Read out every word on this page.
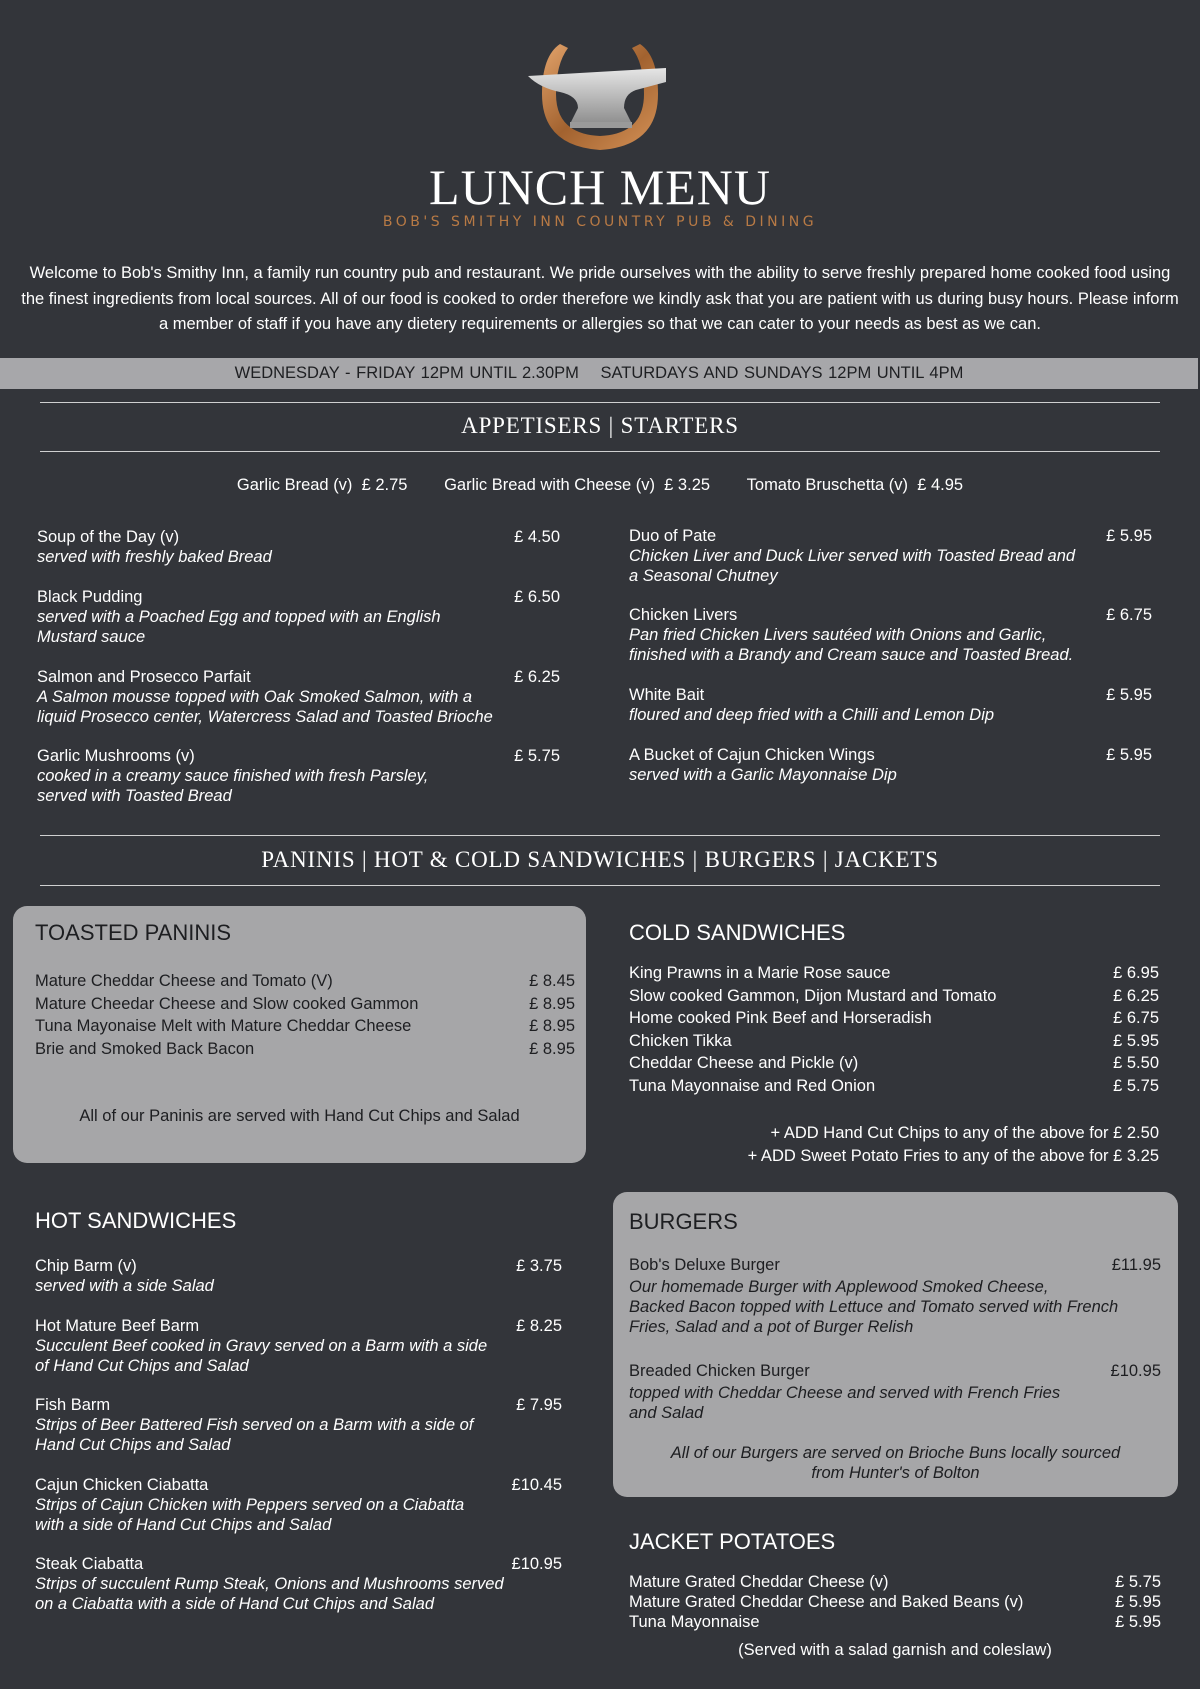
LUNCH MENU
BOB'S SMITHY INN COUNTRY PUB & DINING
Welcome to Bob's Smithy Inn, a family run country pub and restaurant. We pride ourselves with the ability to serve freshly prepared home cooked food using the finest ingredients from local sources. All of our food is cooked to order therefore we kindly ask that you are patient with us during busy hours. Please inform a member of staff if you have any dietery requirements or allergies so that we can cater to your needs as best as we can.
WEDNESDAY - FRIDAY 12PM UNTIL 2.30PM SATURDAYS AND SUNDAYS 12PM UNTIL 4PM
APPETISERS | STARTERS
Garlic Bread (v) £ 2.75 Garlic Bread with Cheese (v) £ 3.25 Tomato Bruschetta (v) £ 4.95
Soup of the Day (v)	£ 4.50
served with freshly baked Bread
Black Pudding	£ 6.50
served with a Poached Egg and topped with an English
Mustard sauce
Salmon and Prosecco Parfait	£ 6.25
A Salmon mousse topped with Oak Smoked Salmon, with a
liquid Prosecco center, Watercress Salad and Toasted Brioche
Garlic Mushrooms (v)	£ 5.75
cooked in a creamy sauce finished with fresh Parsley,
served with Toasted Bread
Duo of Pate	£ 5.95
Chicken Liver and Duck Liver served with Toasted Bread and
a Seasonal Chutney
Chicken Livers	£ 6.75
Pan fried Chicken Livers sautéed with Onions and Garlic,
finished with a Brandy and Cream sauce and Toasted Bread.
White Bait	£ 5.95
floured and deep fried with a Chilli and Lemon Dip
A Bucket of Cajun Chicken Wings	£ 5.95
served with a Garlic Mayonnaise Dip
PANINIS | HOT & COLD SANDWICHES | BURGERS | JACKETS
TOASTED PANINIS
Mature Cheddar Cheese and Tomato (V)	£ 8.45
Mature Cheedar Cheese and Slow cooked Gammon	£ 8.95
Tuna Mayonaise Melt with Mature Cheddar Cheese	£ 8.95
Brie and Smoked Back Bacon	£ 8.95
All of our Paninis are served with Hand Cut Chips and Salad
COLD SANDWICHES
King Prawns in a Marie Rose sauce	£ 6.95
Slow cooked Gammon, Dijon Mustard and Tomato	£ 6.25
Home cooked Pink Beef and Horseradish	£ 6.75
Chicken Tikka	£ 5.95
Cheddar Cheese and Pickle (v)	£ 5.50
Tuna Mayonnaise and Red Onion	£ 5.75
+ ADD Hand Cut Chips to any of the above for £ 2.50
+ ADD Sweet Potato Fries to any of the above for £ 3.25
HOT SANDWICHES
Chip Barm (v)	£ 3.75
served with a side Salad
Hot Mature Beef Barm	£ 8.25
Succulent Beef cooked in Gravy served on a Barm with a side
of Hand Cut Chips and Salad
Fish Barm	£ 7.95
Strips of Beer Battered Fish served on a Barm with a side of
Hand Cut Chips and Salad
Cajun Chicken Ciabatta	£10.45
Strips of Cajun Chicken with Peppers served on a Ciabatta
with a side of Hand Cut Chips and Salad
Steak Ciabatta	£10.95
Strips of succulent Rump Steak, Onions and Mushrooms served
on a Ciabatta with a side of Hand Cut Chips and Salad
BURGERS
Bob's Deluxe Burger	£11.95
Our homemade Burger with Applewood Smoked Cheese,
Backed Bacon topped with Lettuce and Tomato served with French
Fries, Salad and a pot of Burger Relish
Breaded Chicken Burger	£10.95
topped with Cheddar Cheese and served with French Fries
and Salad
All of our Burgers are served on Brioche Buns locally sourced
from Hunter's of Bolton
JACKET POTATOES
Mature Grated Cheddar Cheese (v)	£ 5.75
Mature Grated Cheddar Cheese and Baked Beans (v)	£ 5.95
Tuna Mayonnaise	£ 5.95
(Served with a salad garnish and coleslaw)
